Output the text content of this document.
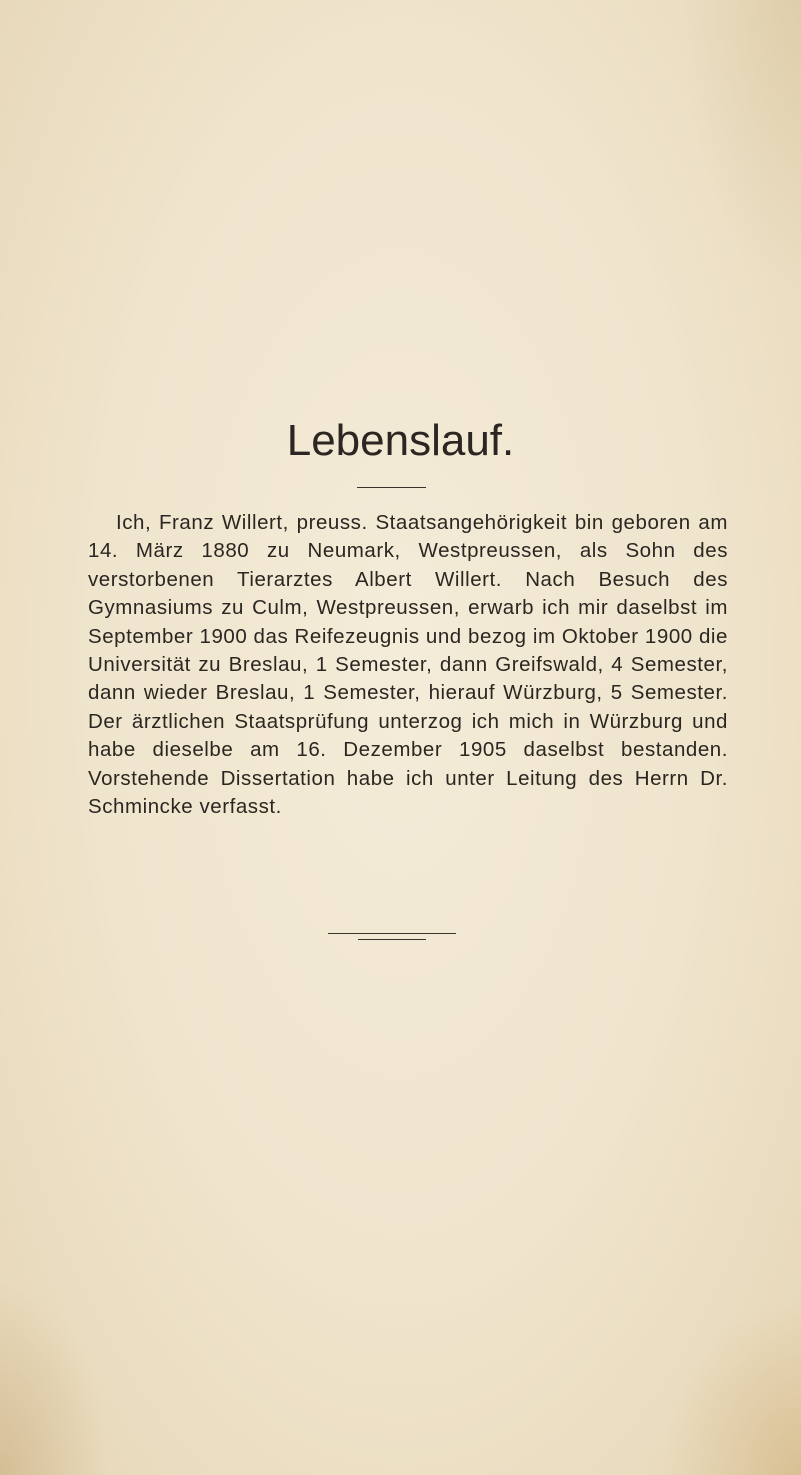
Lebenslauf.

Ich, Franz Willert, preuss. Staatsangehörigkeit bin geboren am 14. März 1880 zu Neumark, Westpreussen, als Sohn des verstorbenen Tierarztes Albert Willert. Nach Besuch des Gymnasiums zu Culm, Westpreussen, erwarb ich mir daselbst im September 1900 das Reifezeugnis und bezog im Oktober 1900 die Universität zu Breslau, 1 Semester, dann Greifswald, 4 Semester, dann wieder Breslau, 1 Semester, hierauf Würzburg, 5 Semester. Der ärztlichen Staatsprüfung unterzog ich mich in Würzburg und habe dieselbe am 16. Dezember 1905 daselbst bestanden. Vorstehende Dissertation habe ich unter Leitung des Herrn Dr. Schmincke verfasst.
